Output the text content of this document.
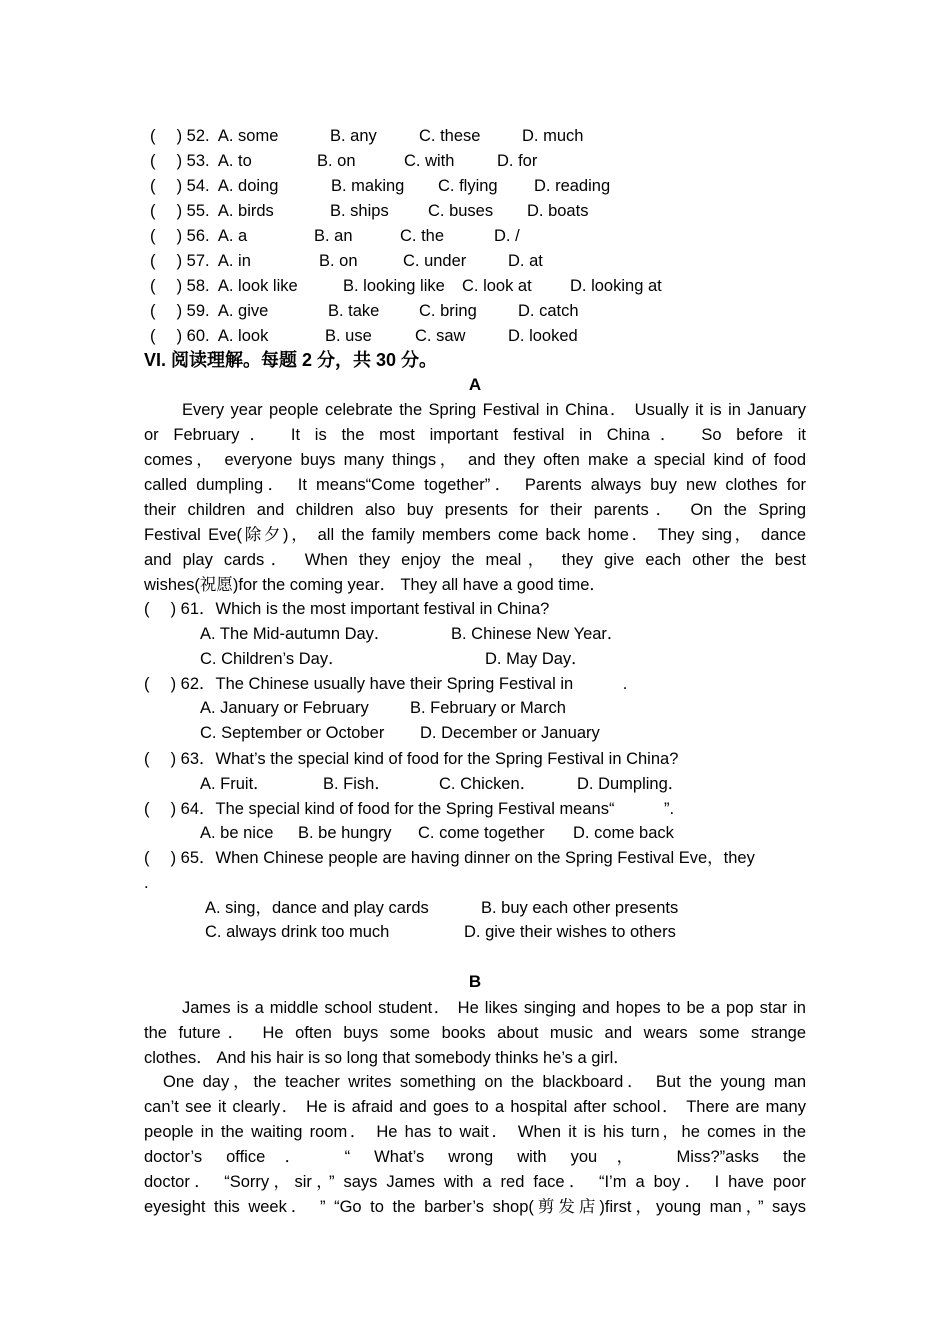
(　 ) 52. A. some	B. any	C. these	D. much
(　 ) 53. A. to	B. on	C. with	D. for
(　 ) 54. A. doing	B. making C. flying D. reading
(　 ) 55. A. birds	B. ships C. buses D. boats
(　 ) 56. A. a	B. an	C. the	D. /
(　 ) 57. A. in	B. on	C. under	D. at
(　 ) 58. A. look like	B. looking like C. look at D. looking at
(　 ) 59. A. give	B. take C. bring D. catch
(　 ) 60. A. look	B. use	C. saw	D. looked
VI. 阅读理解。每题 2 分，共 30 分。
A
Every year people celebrate the Spring Festival in China． Usually it is in January
or February． It is the most important festival in China． So before it
comes， everyone buys many things， and they often make a special kind of food
called dumpling． It means“Come together”． Parents always buy new clothes for
their children and children also buy presents for their parents． On the Spring
Festival Eve(除夕)， all the family members come back home． They sing， dance
and play cards． When they enjoy the meal， they give each other the best
wishes(祝愿)for the coming year． They all have a good time．
(　 ) 61．Which is the most important festival in China?
A. The Mid-autumn Day．	B. Chinese New Year．
C. Children’s Day．	D. May Day．
(　 ) 62．The Chinese usually have their Spring Festival in　　　.
A. January or February	B. February or March
C. September or October D. December or January
(　 ) 63．What’s the special kind of food for the Spring Festival in China?
A. Fruit．	B. Fish．	C. Chicken． D. Dumpling．
(　 ) 64．The special kind of food for the Spring Festival means“　　　”.
A. be nice B. be hungry C. come together D. come back
(　 ) 65．When Chinese people are having dinner on the Spring Festival Eve，they
.
A. sing，dance and play cards	B. buy each other presents
C. always drink too much	D. give their wishes to others
B
James is a middle school student． He likes singing and hopes to be a pop star in
the future． He often buys some books about music and wears some strange
clothes． And his hair is so long that somebody thinks he’s a girl．
One day，the teacher writes something on the blackboard． But the young man
can’t see it clearly． He is afraid and goes to a hospital after school． There are many
people in the waiting room． He has to wait． When it is his turn，he comes in the
doctor’s office． “ What’s wrong with you， Miss?”asks the
doctor． “Sorry，sir，” says James with a red face． “I’m a boy． I have poor
eyesight this week． ” “Go to the barber’s shop(剪发店)first，young man，” says
